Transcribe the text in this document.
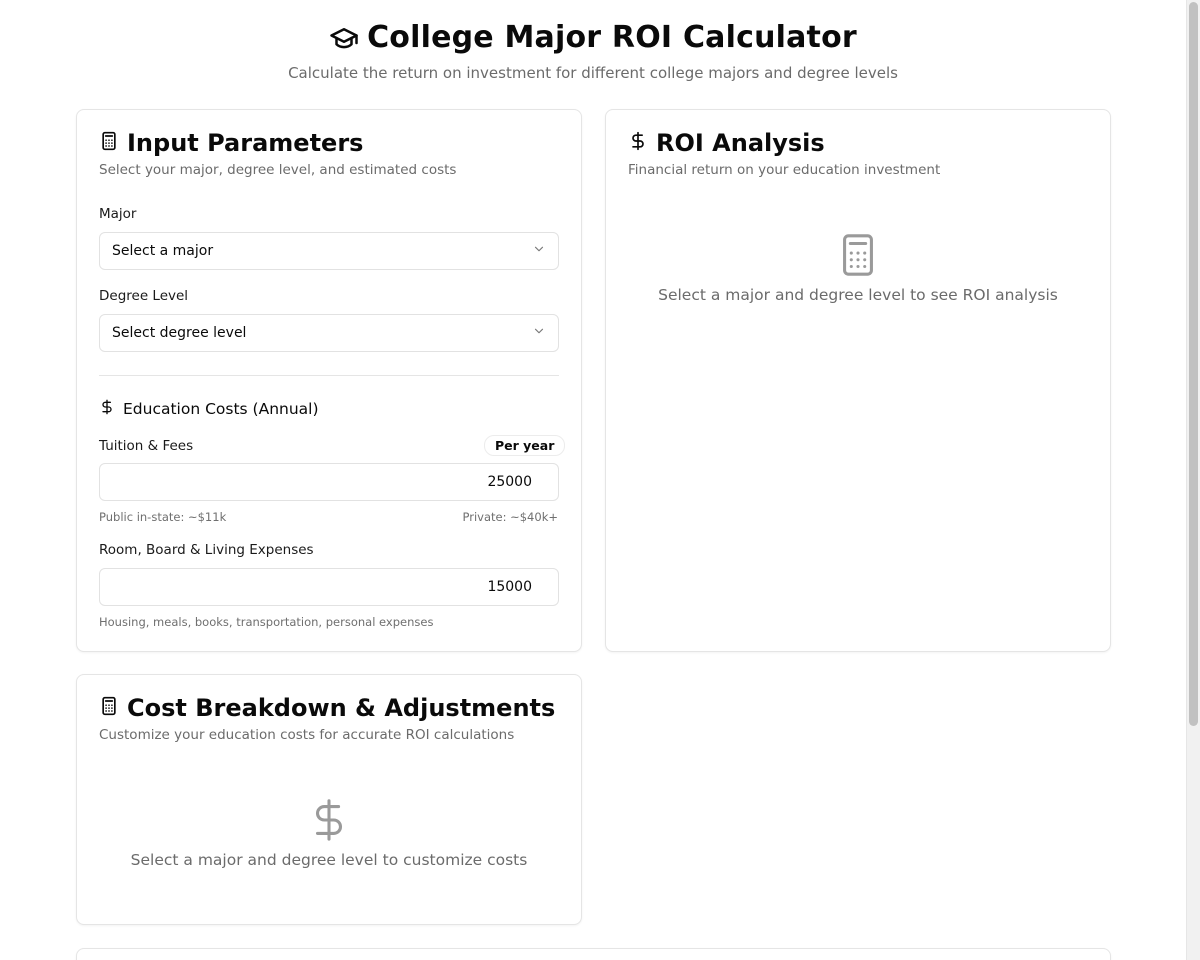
College Major ROI Calculator
Calculate the return on investment for different college majors and degree levels
Input Parameters
Select your major, degree level, and estimated costs
Major
Select a major
Degree Level
Select degree level
Education Costs (Annual)
Tuition & Fees	Per year
25000
Public in-state: ~$11k	Private: ~$40k+
Room, Board & Living Expenses
15000
Housing, meals, books, transportation, personal expenses
ROI Analysis
Financial return on your education investment
Select a major and degree level to see ROI analysis
Cost Breakdown & Adjustments
Customize your education costs for accurate ROI calculations
Select a major and degree level to customize costs
